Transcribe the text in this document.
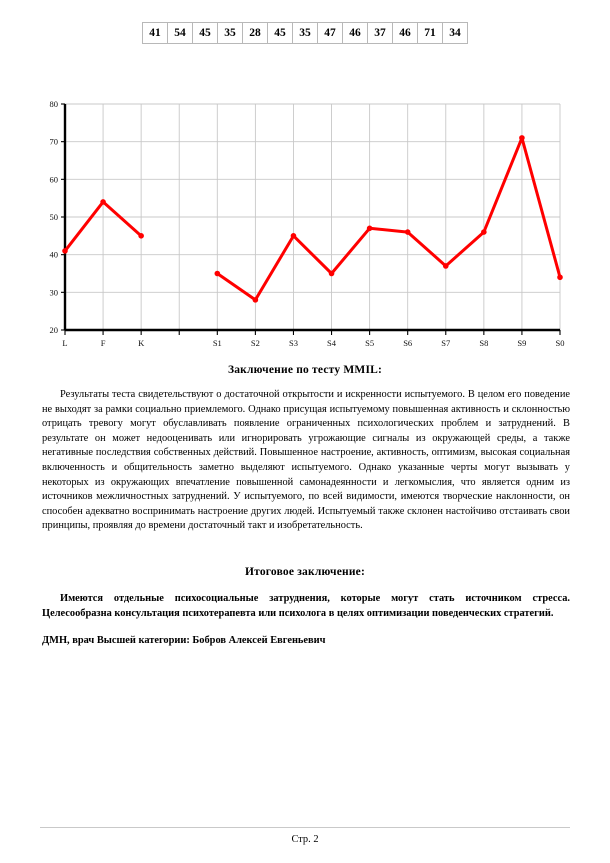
41	54	45	35	28	45	35	47	46	37	46	71	34
20
30
40
50
60
70
80
L	F	K	S1	S2	S3	S4	S5	S6	S7	S8	S9	S0
Заключение по тесту MMIL:

Результаты теста свидетельствуют о достаточной открытости и искренности испытуемого. В целом его поведение не выходят за рамки социально приемлемого. Однако присущая испытуемому повышенная активность и склонностью отрицать тревогу могут обуславливать появление ограниченных психологических проблем и затруднений. В результате он может недооценивать или игнорировать угрожающие сигналы из окружающей среды, а также негативные последствия собственных действий. Повышенное настроение, активность, оптимизм, высокая социальная включенность и общительность заметно выделяют испытуемого. Однако указанные черты могут вызывать у некоторых из окружающих впечатление повышенной самонадеянности и легкомыслия, что является одним из источников межличностных затруднений. У испытуемого, по всей видимости, имеются творческие наклонности, он способен адекватно воспринимать настроение других людей. Испытуемый также склонен настойчиво отстаивать свои принципы, проявляя до времени достаточный такт и изобретательность.

Итоговое заключение:

Имеются отдельные психосоциальные затруднения, которые могут стать источником стресса. Целесообразна консультация психотерапевта или психолога в целях оптимизации поведенческих стратегий.

ДМН, врач Высшей категории: Бобров Алексей Евгеньевич

Стр. 2
